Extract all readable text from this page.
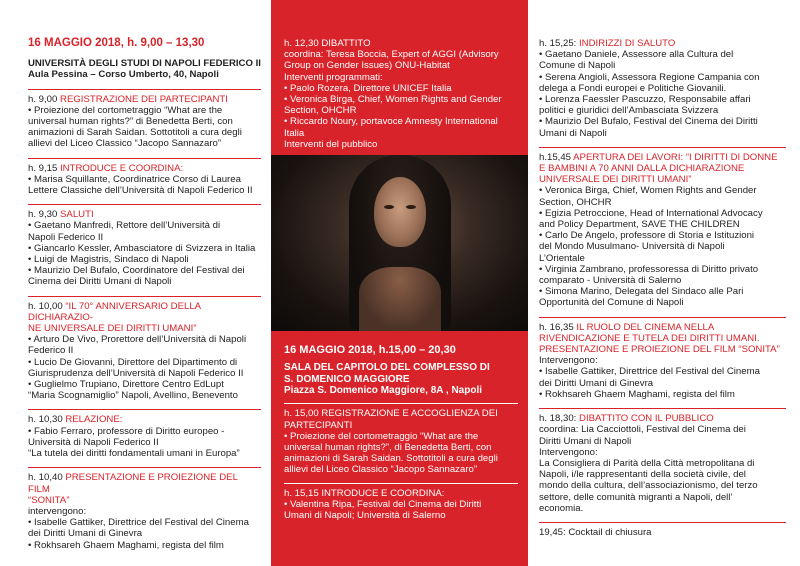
16 MAGGIO 2018, h. 9,00 – 13,30
UNIVERSITÀ DEGLI STUDI DI NAPOLI FEDERICO II
Aula Pessina – Corso Umberto, 40, Napoli
h. 9,00 REGISTRAZIONE DEI PARTECIPANTI
• Proiezione del cortometraggio “What are the
universal human rights?” di Benedetta Berti, con
animazioni di Sarah Saidan. Sottotitoli a cura degli
allievi del Liceo Classico “Jacopo Sannazaro”
h. 9,15 INTRODUCE E COORDINA:
• Marisa Squillante, Coordinatrice Corso di Laurea
Lettere Classiche dell’Università di Napoli Federico II
h. 9,30 SALUTI
• Gaetano Manfredi, Rettore dell’Università di
Napoli Federico II
• Giancarlo Kessler, Ambasciatore di Svizzera in Italia
• Luigi de Magistris, Sindaco di Napoli
• Maurizio Del Bufalo, Coordinatore del Festival dei
Cinema dei Diritti Umani di Napoli
h. 10,00 “IL 70° ANNIVERSARIO DELLA DICHIARAZIO-
NE UNIVERSALE DEI DIRITTI UMANI”
• Arturo De Vivo, Prorettore dell’Università di Napoli
Federico II
• Lucio De Giovanni, Direttore del Dipartimento di
Giurisprudenza dell’Università di Napoli Federico II
• Guglielmo Trupiano, Direttore Centro EdLupt
“Maria Scognamiglio” Napoli, Avellino, Benevento
h. 10,30 RELAZIONE:
• Fabio Ferraro, professore di Diritto europeo -
Università di Napoli Federico II
“La tutela dei diritti fondamentali umani in Europa”
h. 10,40 PRESENTAZIONE E PROIEZIONE DEL FILM
“SONITA”
intervengono:
• Isabelle Gattiker, Direttrice del Festival del Cinema
dei Diritti Umani di Ginevra
• Rokhsareh Ghaem Maghami, regista del film
h. 12,30 DIBATTITO
coordina: Teresa Boccia, Expert of AGGI (Advisory
Group on Gender Issues) ONU-Habitat
Interventi programmati:
• Paolo Rozera, Direttore UNICEF Italia
• Veronica Birga, Chief, Women Rights and Gender
Section, OHCHR
• Riccardo Noury, portavoce Amnesty International
Italia
Interventi del pubblico
16 MAGGIO 2018, h.15,00 – 20,30
SALA DEL CAPITOLO DEL COMPLESSO DI
S. DOMENICO MAGGIORE
Piazza S. Domenico Maggiore, 8A , Napoli
h. 15,00 REGISTRAZIONE E ACCOGLIENZA DEI
PARTECIPANTI
• Proiezione del cortometraggio “What are the
universal human rights?”, di Benedetta Berti, con
animazioni di Sarah Saidan. Sottotitoli a cura degli
allievi del Liceo Classico “Jacopo Sannazaro”
h. 15,15 INTRODUCE E COORDINA:
• Valentina Ripa, Festival del Cinema dei Diritti
Umani di Napoli; Università di Salerno
h. 15,25: INDIRIZZI DI SALUTO
• Gaetano Daniele, Assessore alla Cultura del
Comune di Napoli
• Serena Angioli, Assessora Regione Campania con
delega a Fondi europei e Politiche Giovanili.
• Lorenza Faessler Pascuzzo, Responsabile affari
politici e giuridici dell’Ambasciata Svizzera
• Maurizio Del Bufalo, Festival del Cinema dei Diritti
Umani di Napoli
h.15,45 APERTURA DEI LAVORI: “I DIRITTI DI DONNE
E BAMBINI A 70 ANNI DALLA DICHIARAZIONE
UNIVERSALE DEI DIRITTI UMANI”
• Veronica Birga, Chief, Women Rights and Gender
Section, OHCHR
• Egizia Petroccione, Head of International Advocacy
and Policy Department, SAVE THE CHILDREN
• Carlo De Angelo, professore di Storia e Istituzioni
del Mondo Musulmano- Università di Napoli
L’Orientale
• Virginia Zambrano, professoressa di Diritto privato
comparato - Università di Salerno
• Simona Marino, Delegata del Sindaco alle Pari
Opportunità del Comune di Napoli
h. 16,35 IL RUOLO DEL CINEMA NELLA
RIVENDICAZIONE E TUTELA DEI DIRITTI UMANI.
PRESENTAZIONE E PROIEZIONE DEL FILM “SONITA”
Intervengono:
• Isabelle Gattiker, Direttrice del Festival del Cinema
dei Diritti Umani di Ginevra
• Rokhsareh Ghaem Maghami, regista del film
h. 18,30: DIBATTITO CON IL PUBBLICO
coordina: Lia Cacciottoli, Festival del Cinema dei
Diritti Umani di Napoli
Intervengono:
La Consigliera di Parità della Città metropolitana di
Napoli, i/le rappresentanti della società civile, del
mondo della cultura, dell’associazionismo, del terzo
settore, delle comunità migranti a Napoli, dell’
economia.
19,45: Cocktail di chiusura
